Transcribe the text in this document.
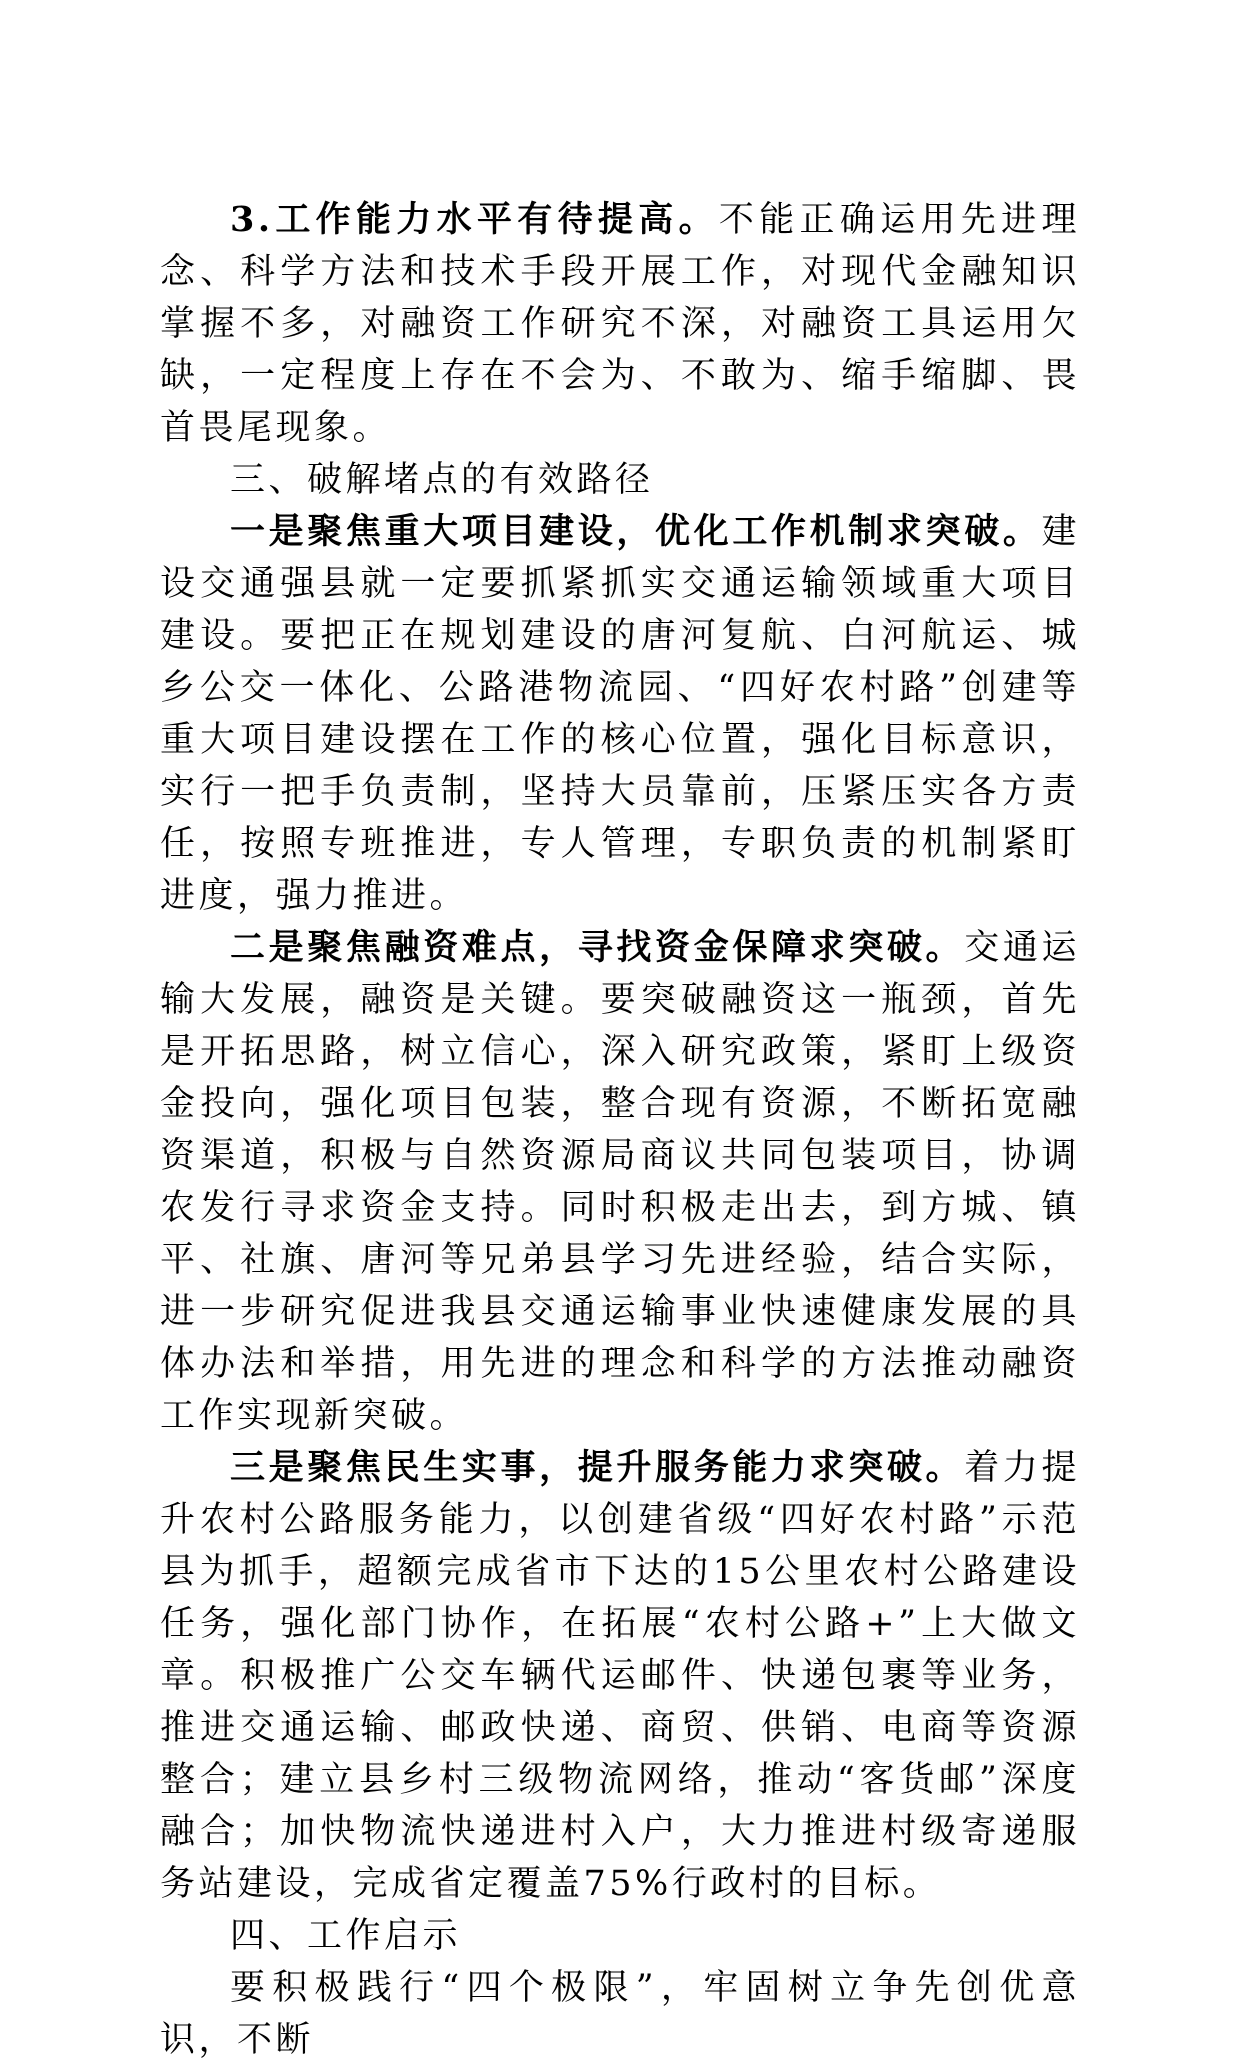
3.工作能力水平有待提高。不能正确运用先进理念、科学方法和技术手段开展工作，对现代金融知识掌握不多，对融资工作研究不深，对融资工具运用欠缺，一定程度上存在不会为、不敢为、缩手缩脚、畏首畏尾现象。

三、破解堵点的有效路径

一是聚焦重大项目建设，优化工作机制求突破。建设交通强县就一定要抓紧抓实交通运输领域重大项目建设。要把正在规划建设的唐河复航、白河航运、城乡公交一体化、公路港物流园、“四好农村路”创建等重大项目建设摆在工作的核心位置，强化目标意识，实行一把手负责制，坚持大员靠前，压紧压实各方责任，按照专班推进，专人管理，专职负责的机制紧盯进度，强力推进。

二是聚焦融资难点，寻找资金保障求突破。交通运输大发展，融资是关键。要突破融资这一瓶颈，首先是开拓思路，树立信心，深入研究政策，紧盯上级资金投向，强化项目包装，整合现有资源，不断拓宽融资渠道，积极与自然资源局商议共同包装项目，协调农发行寻求资金支持。同时积极走出去，到方城、镇平、社旗、唐河等兄弟县学习先进经验，结合实际，进一步研究促进我县交通运输事业快速健康发展的具体办法和举措，用先进的理念和科学的方法推动融资工作实现新突破。

三是聚焦民生实事，提升服务能力求突破。着力提升农村公路服务能力，以创建省级“四好农村路”示范县为抓手，超额完成省市下达的15公里农村公路建设任务，强化部门协作，在拓展“农村公路+”上大做文章。积极推广公交车辆代运邮件、快递包裹等业务，推进交通运输、邮政快递、商贸、供销、电商等资源整合；建立县乡村三级物流网络，推动“客货邮”深度融合；加快物流快递进村入户，大力推进村级寄递服务站建设，完成省定覆盖75%行政村的目标。

四、工作启示

要积极践行“四个极限”，牢固树立争先创优意识，不断
